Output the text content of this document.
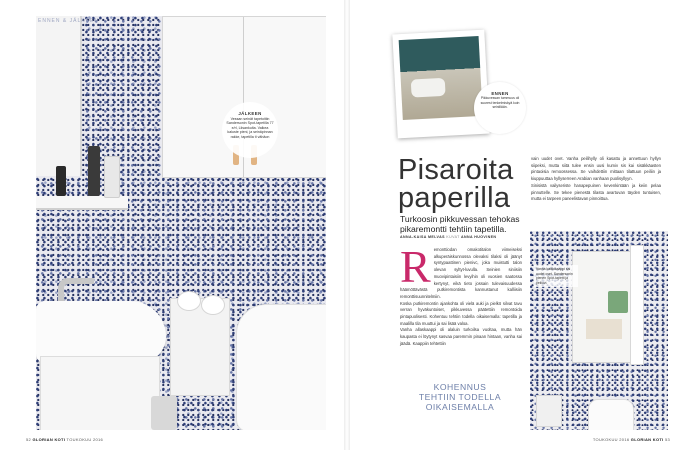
JÄLKEEN
Vessan seinät tapetoitiin Sandersonin Spot-tapetilla 77 e/rl, Liisankulta. Valkea kaluste pieni, ja seinäpinnan rakke, tapetilla ti vähäon
ENNEN & JÄLKEEN
ENNEN
Pikkuvessan tummuus oli suurest tenkelmiskyä kuin seinillään.
Pisaroita
paperilla
Turkoosin pikkuvessan tehokas pikaremontti tehtiin tapetilla.
ANNA-KAISA MELVAS KUVAT ANNA HUOVINEN
R emonttiodan omakotitalon viimeiseksi alkuperäiskunnossa olevaksi tilaksi oli jäänyt syntypaattinen pienivc, joka muistutti talon olevan syltyt-luvulla. Seinien siniisiin muovipintaisiin levyihin oli vuosien saatossa kertynyt, eikä tieto jossain tulevaisuudessa häämöttävästä putkiremontista kannustanut kalliisiin remonttisuunnitelmiin.

Koska putkiremontin ajankohta oli vielä auki ja pielkö silvat tavu verran hyväkuntoiset, pikkuvessa päätettiin remontoida pintapuolisesti. Kohentuu tehtiin todella oikaisemalla: tapetilla ja maalilla tila muuttui ja sai lisää valoa.

Vanha allaskaappi oli alaluin turkoilsa vuoltaa, mutta hän kaupasta ei löytynyt sasvaa paremmin pinaan hintaan, vanha sai jäädä. Kaappiin tehtettiin

vain uudet ovet. Vanha peilihylly oli kasattu ja annettuun hyllyn siipeksi, mutta siitä tulee ensin uusi kumiv sis kai sisäkkäasten pintaoisia remoossessa. Se vaihdettiin mittaan tilattuun peiliin ja kiuppuuttaa hyllyserreen Arabian vanhaan puolisyllyyn.

Sinisistä vailyseriste hanapepuinen kevenkintään ja keiin pelaa pinnuttelle. Se tekee pienestä tilasta avartuvan täyden tuntuisen, mutta ei tarpeen paneelistavan pinnoittua.

KOHENNUS
TEHTIIN TODELLA
OIKAISEMALLA
Vanha kaikkikaappi sai uudet ovet. Sandersonin pienen Spot-tapetti ja peiliovi.
52 GLORIAN KOTI TOUKOKUU 2016	TOUKOKUU 2016 GLORIAN KOTI 53
